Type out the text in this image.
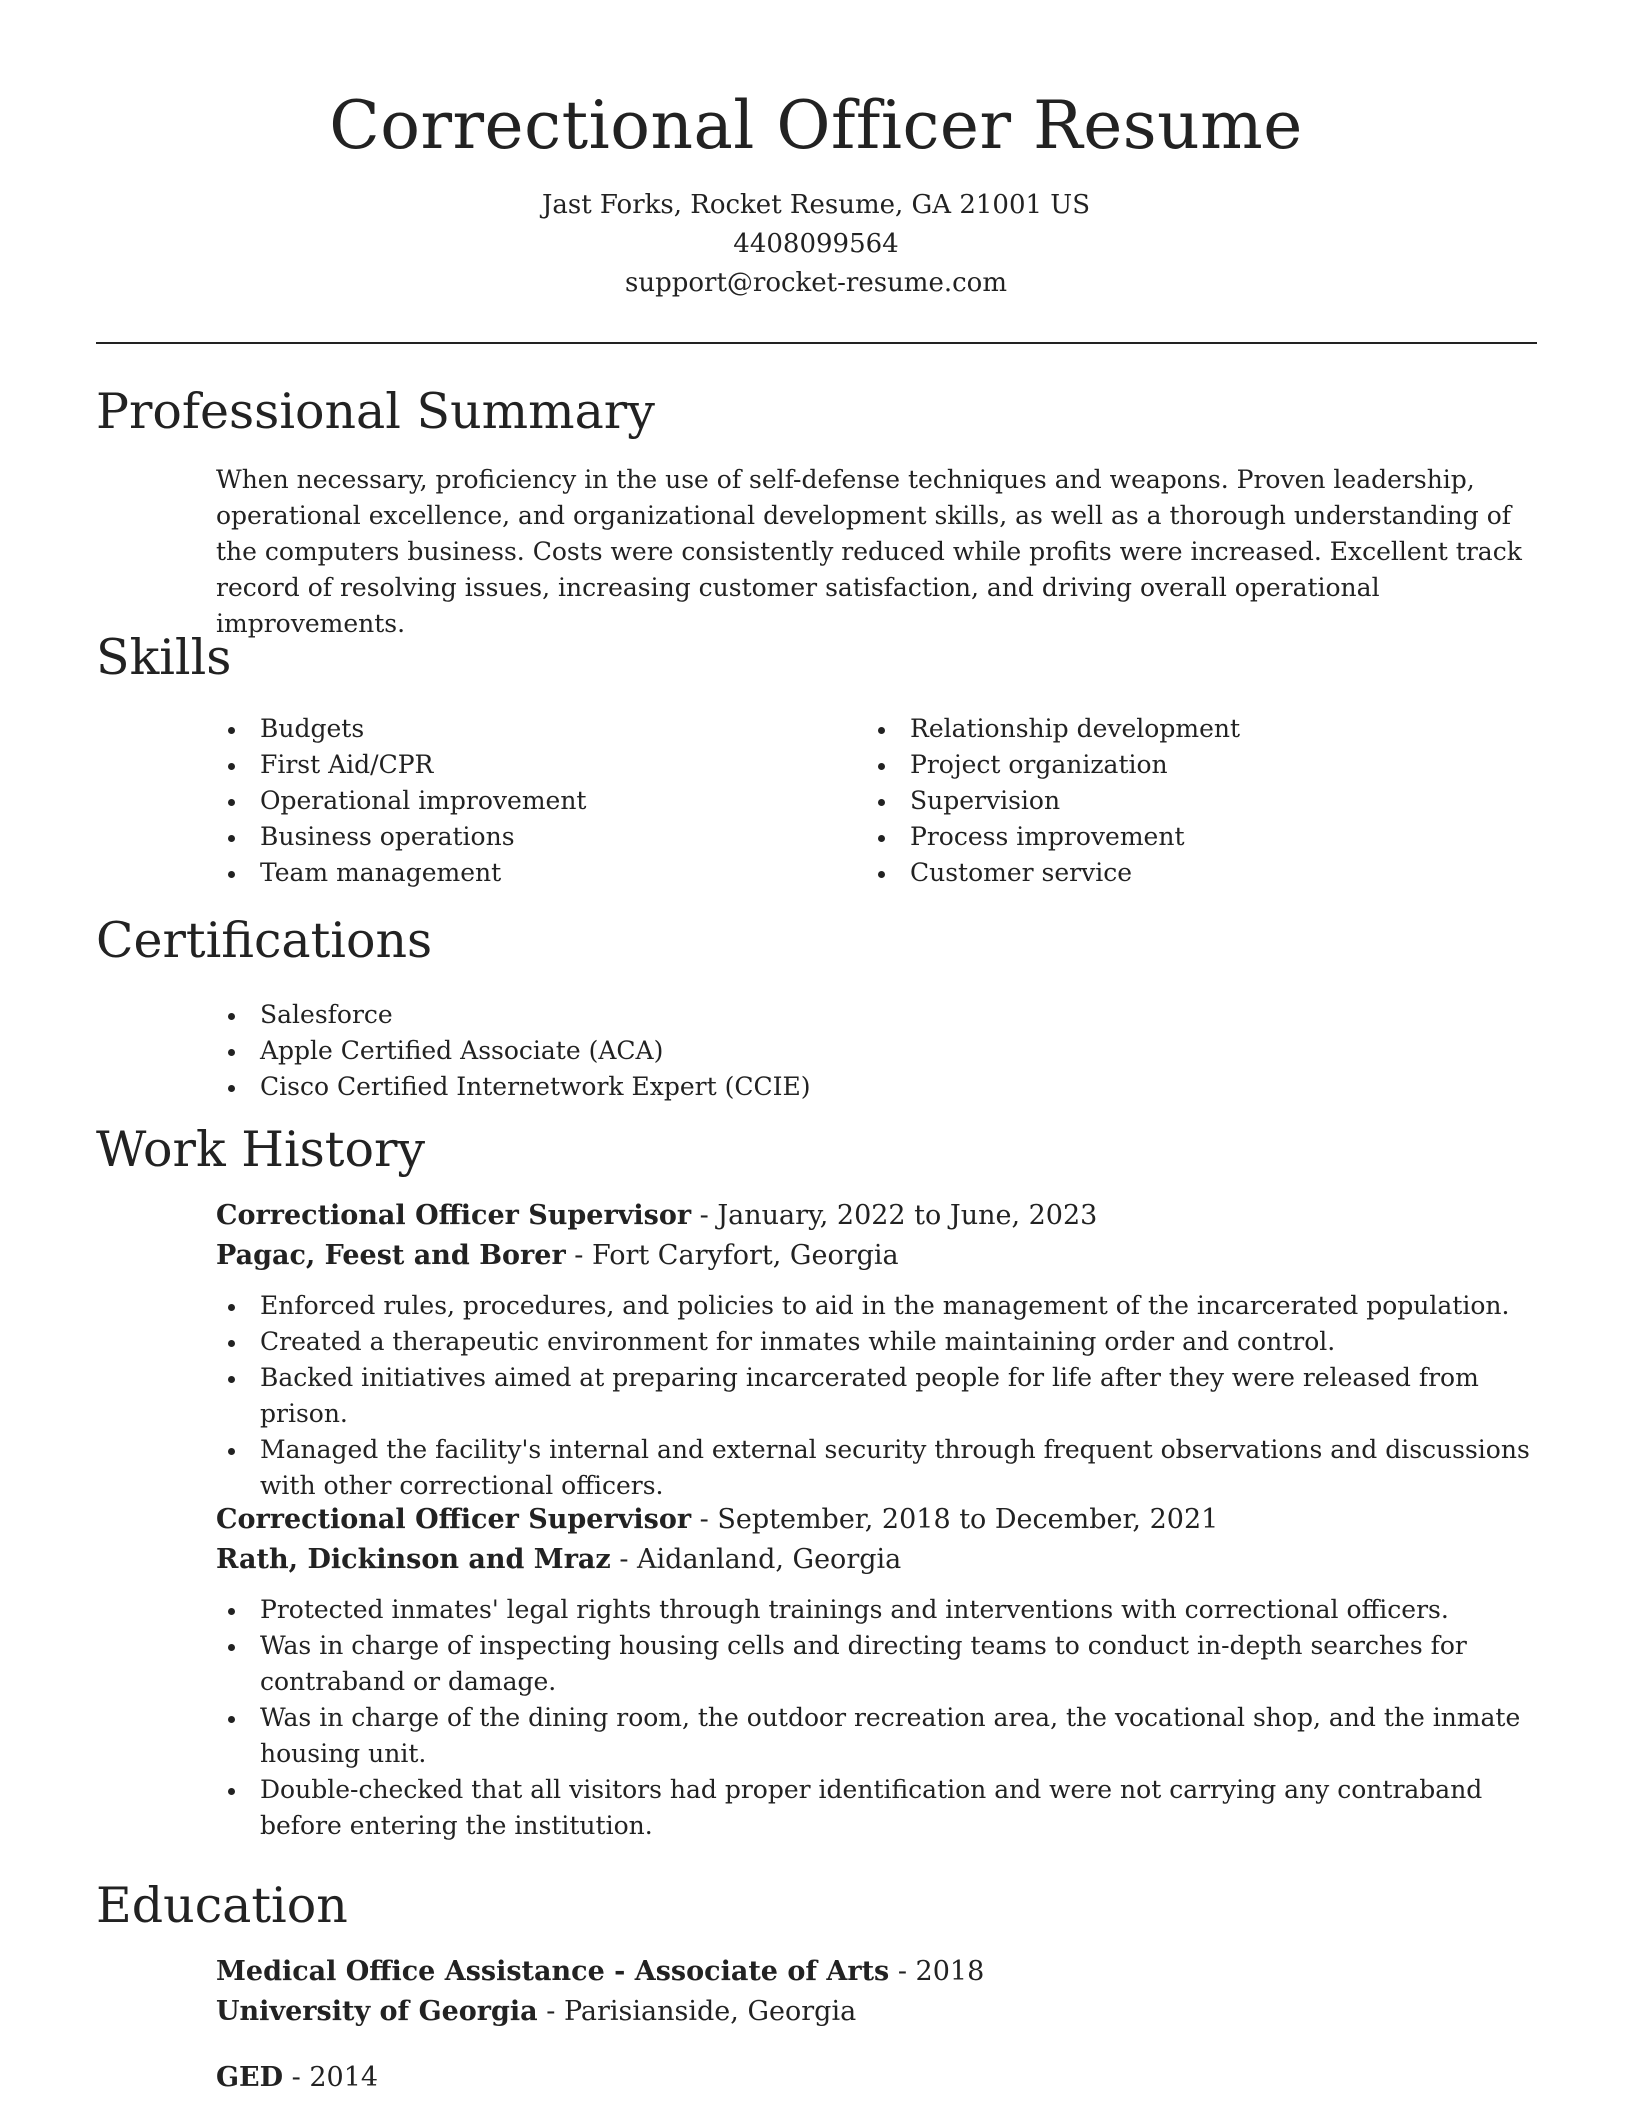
Correctional Officer Resume
Jast Forks, Rocket Resume, GA 21001 US
4408099564
support@rocket-resume.com
Professional Summary

When necessary, proficiency in the use of self-defense techniques and weapons. Proven leadership, operational excellence, and organizational development skills, as well as a thorough understanding of the computers business. Costs were consistently reduced while profits were increased. Excellent track record of resolving issues, increasing customer satisfaction, and driving overall operational improvements.

Skills
Budgets
First Aid/CPR
Operational improvement
Business operations
Team management
Relationship development
Project organization
Supervision
Process improvement
Customer service
Certifications
Salesforce
Apple Certified Associate (ACA)
Cisco Certified Internetwork Expert (CCIE)
Work History
Correctional Officer Supervisor - January, 2022 to June, 2023
Pagac, Feest and Borer - Fort Caryfort, Georgia
Enforced rules, procedures, and policies to aid in the management of the incarcerated population.
Created a therapeutic environment for inmates while maintaining order and control.
Backed initiatives aimed at preparing incarcerated people for life after they were released from prison.
Managed the facility's internal and external security through frequent observations and discussions with other correctional officers.
Correctional Officer Supervisor - September, 2018 to December, 2021
Rath, Dickinson and Mraz - Aidanland, Georgia
Protected inmates' legal rights through trainings and interventions with correctional officers.
Was in charge of inspecting housing cells and directing teams to conduct in-depth searches for contraband or damage.
Was in charge of the dining room, the outdoor recreation area, the vocational shop, and the inmate housing unit.
Double-checked that all visitors had proper identification and were not carrying any contraband before entering the institution.
Education
Medical Office Assistance - Associate of Arts - 2018
University of Georgia - Parisianside, Georgia
GED - 2014
